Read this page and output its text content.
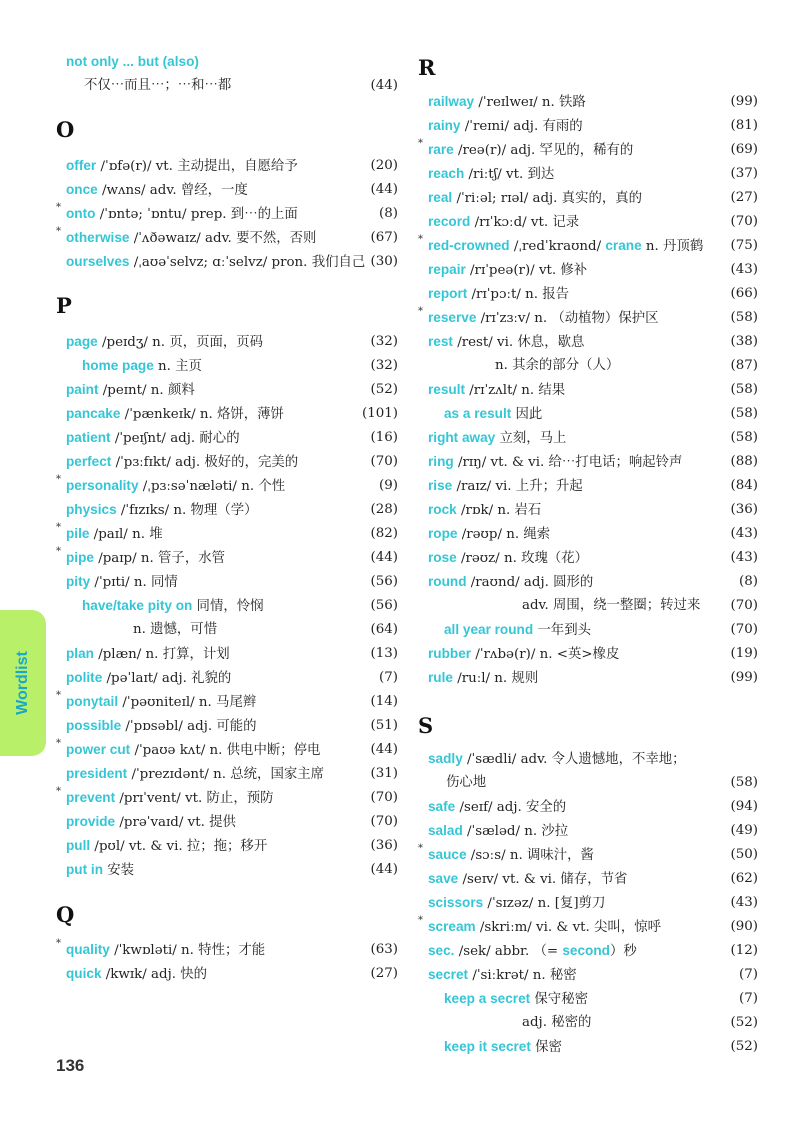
not only ... but (also)
不仅⋯而且⋯；⋯和⋯都	(44)
O
offer /ˈɒfə(r)/ vt. 主动提出，自愿给予	(20)
once /wʌns/ adv. 曾经，一度	(44)
* onto /ˈɒntə; ˈɒntu/ prep. 到⋯的上面	(8)
* otherwise /ˈʌðəwaɪz/ adv. 要不然，否则	(67)
ourselves /ˌaʊəˈselvz; ɑːˈselvz/ pron. 我们自己 (30)
P
page /peɪdʒ/ n. 页，页面，页码	(32)
home page n. 主页	(32)
paint /peɪnt/ n. 颜料	(52)
pancake /ˈpænkeɪk/ n. 烙饼，薄饼	(101)
patient /ˈpeɪʃnt/ adj. 耐心的	(16)
perfect /ˈpɜːfɪkt/ adj. 极好的，完美的	(70)
* personality /ˌpɜːsəˈnæləti/ n. 个性	(9)
physics /ˈfɪzɪks/ n. 物理（学）	(28)
* pile /paɪl/ n. 堆	(82)
* pipe /paɪp/ n. 管子，水管	(44)
pity /ˈpɪti/ n. 同情	(56)
have/take pity on 同情，怜悯	(56)
n. 遗憾，可惜	(64)
plan /plæn/ n. 打算，计划	(13)
polite /pəˈlaɪt/ adj. 礼貌的	(7)
* ponytail /ˈpəʊniteɪl/ n. 马尾辫	(14)
possible /ˈpɒsəbl/ adj. 可能的	(51)
* power cut /ˈpaʊə kʌt/ n. 供电中断；停电	(44)
president /ˈprezɪdənt/ n. 总统，国家主席	(31)
* prevent /prɪˈvent/ vt. 防止，预防	(70)
provide /prəˈvaɪd/ vt. 提供	(70)
pull /pʊl/ vt. & vi. 拉；拖；移开	(36)
put in 安装	(44)
Q
* quality /ˈkwɒləti/ n. 特性；才能	(63)
quick /kwɪk/ adj. 快的	(27)
R
railway /ˈreɪlweɪ/ n. 铁路	(99)
rainy /ˈreɪni/ adj. 有雨的	(81)
* rare /reə(r)/ adj. 罕见的，稀有的	(69)
reach /riːtʃ/ vt. 到达	(37)
real /ˈriːəl; rɪəl/ adj. 真实的，真的	(27)
record /rɪˈkɔːd/ vt. 记录	(70)
* red-crowned /ˌredˈkraʊnd/ crane n. 丹顶鹤 (75)
repair /rɪˈpeə(r)/ vt. 修补	(43)
report /rɪˈpɔːt/ n. 报告	(66)
* reserve /rɪˈzɜːv/ n. （动植物）保护区	(58)
rest /rest/ vi. 休息，歇息	(38)
n. 其余的部分（人）	(87)
result /rɪˈzʌlt/ n. 结果	(58)
as a result 因此	(58)
right away 立刻，马上	(58)
ring /rɪŋ/ vt. & vi. 给⋯打电话；响起铃声	(88)
rise /raɪz/ vi. 上升；升起	(84)
rock /rɒk/ n. 岩石	(36)
rope /rəʊp/ n. 绳索	(43)
rose /rəʊz/ n. 玫瑰（花）	(43)
round /raʊnd/ adj. 圆形的	(8)
adv. 周围，绕一整圈；转过来 (70)
all year round 一年到头	(70)
rubber /ˈrʌbə(r)/ n. <英>橡皮	(19)
rule /ruːl/ n. 规则	(99)
S
sadly /ˈsædli/ adv. 令人遗憾地，不幸地；
伤心地	(58)
safe /seɪf/ adj. 安全的	(94)
salad /ˈsæləd/ n. 沙拉	(49)
* sauce /sɔːs/ n. 调味汁，酱	(50)
save /seɪv/ vt. & vi. 储存，节省	(62)
scissors /ˈsɪzəz/ n. [复]剪刀	(43)
* scream /skriːm/ vi. & vt. 尖叫，惊呼	(90)
sec. /sek/ abbr. （= second）秒	(12)
secret /ˈsiːkrət/ n. 秘密	(7)
keep a secret 保守秘密	(7)
adj. 秘密的	(52)
keep it secret 保密	(52)
Wordlist
136
